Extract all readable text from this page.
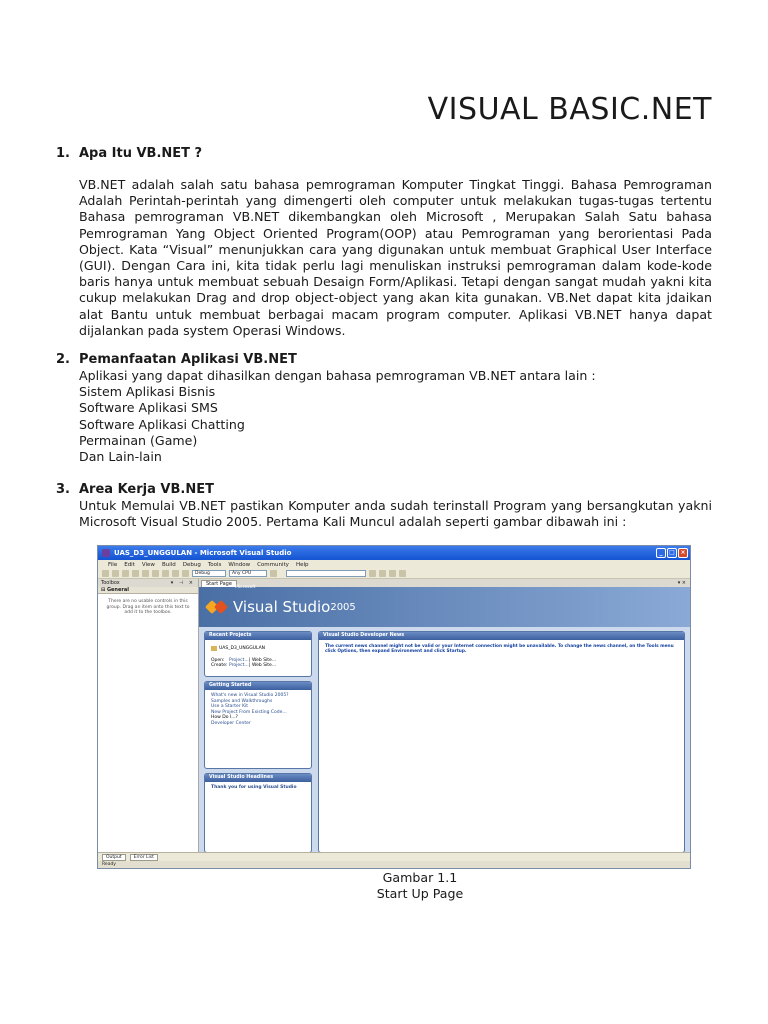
VISUAL BASIC.NET
1. Apa Itu VB.NET ?

VB.NET adalah salah satu bahasa pemrograman Komputer Tingkat Tinggi. Bahasa Pemrograman Adalah Perintah-perintah yang dimengerti oleh computer untuk melakukan tugas-tugas tertentu Bahasa pemrograman VB.NET dikembangkan oleh Microsoft , Merupakan Salah Satu bahasa Pemrograman Yang Object Oriented Program(OOP) atau Pemrograman yang berorientasi Pada Object. Kata “Visual” menunjukkan cara yang digunakan untuk membuat Graphical User Interface (GUI). Dengan Cara ini, kita tidak perlu lagi menuliskan instruksi pemrograman dalam kode-kode baris hanya untuk membuat sebuah Desaign Form/Aplikasi. Tetapi dengan sangat mudah yakni kita cukup melakukan Drag and drop object-object yang akan kita gunakan. VB.Net dapat kita jdaikan alat Bantu untuk membuat berbagai macam program computer. Aplikasi VB.NET hanya dapat dijalankan pada system Operasi Windows.

2. Pemanfaatan Aplikasi VB.NET
Aplikasi yang dapat dihasilkan dengan bahasa pemrograman VB.NET antara lain :
Sistem Aplikasi Bisnis
Software Aplikasi SMS
Software Aplikasi Chatting
Permainan (Game)
Dan Lain-lain
3. Area Kerja VB.NET

Untuk Memulai VB.NET pastikan Komputer anda sudah terinstall Program yang bersangkutan yakni Microsoft Visual Studio 2005. Pertama Kali Muncul adalah seperti gambar dibawah ini :

UAS_D3_UNGGULAN - Microsoft Visual Studio	_	□ ×
File Edit View Build Debug Tools Window Community Help
Debug	Any CPU
Toolbox	▾ ⊣ ×
⊟ General
There are no usable controls in this group. Drag an item onto this text to add it to the toolbox.
Start Page	▾ ×
Microsoft
Visual Studio 2005
Recent Projects
UAS_D3_UNGGULAN
Open: Project... | Web Site...
Create: Project... | Web Site...
Getting Started
What's new in Visual Studio 2005?
Samples and Walkthroughs
Use a Starter Kit
New Project From Existing Code...
How Do I...?
Developer Center
Visual Studio Headlines
Thank you for using Visual Studio
Visual Studio Developer News
The current news channel might not be valid or your Internet connection might be unavailable. To change the news channel, on the Tools menu click Options, then expand Environment and click Startup.
Output	Error List
Ready
Gambar 1.1
Start Up Page
